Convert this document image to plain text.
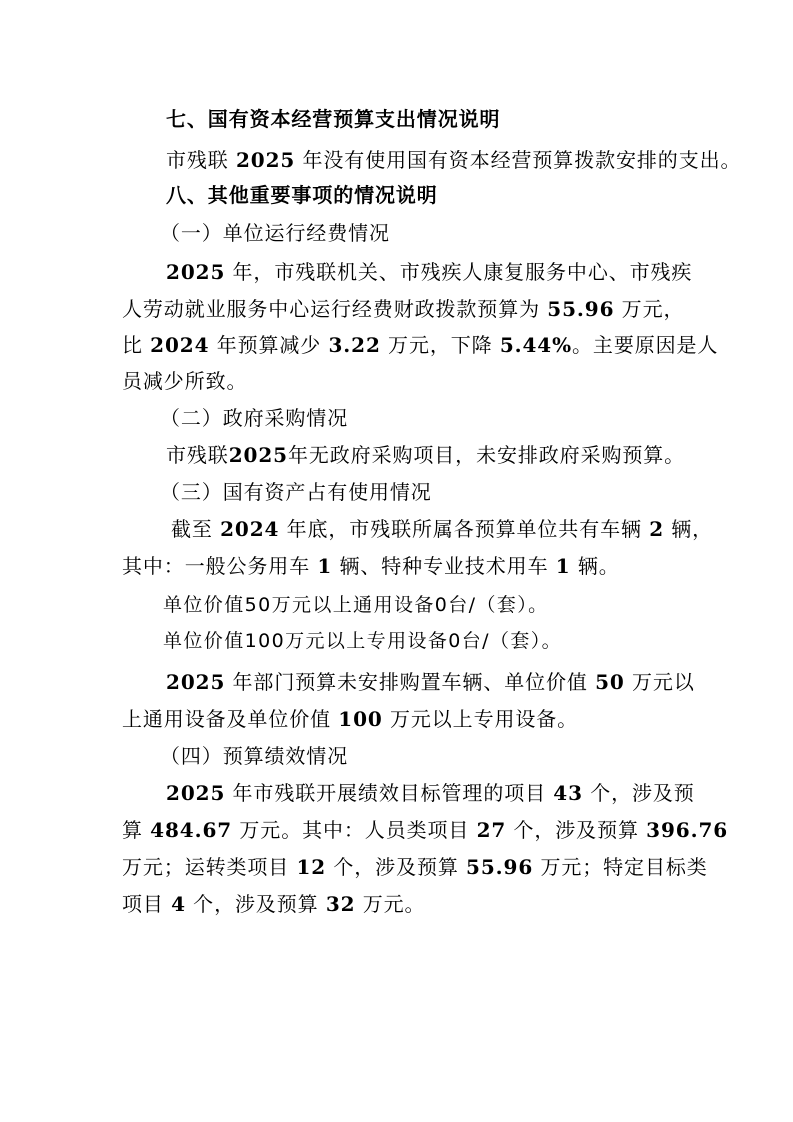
七、国有资本经营预算支出情况说明
市残联 2025 年没有使用国有资本经营预算拨款安排的支出。
八、其他重要事项的情况说明
（一）单位运行经费情况
2025 年，市残联机关、市残疾人康复服务中心、市残疾
人劳动就业服务中心运行经费财政拨款预算为 55.96 万元，
比 2024 年预算减少 3.22 万元，下降 5.44%。主要原因是人
员减少所致。
（二）政府采购情况
市残联2025年无政府采购项目，未安排政府采购预算。
（三）国有资产占有使用情况
截至 2024 年底，市残联所属各预算单位共有车辆 2 辆，
其中：一般公务用车 1 辆、特种专业技术用车 1 辆。
单位价值50万元以上通用设备0台/（套）。
单位价值100万元以上专用设备0台/（套）。
2025 年部门预算未安排购置车辆、单位价值 50 万元以
上通用设备及单位价值 100 万元以上专用设备。
（四）预算绩效情况
2025 年市残联开展绩效目标管理的项目 43 个，涉及预
算 484.67 万元。其中：人员类项目 27 个，涉及预算 396.76
万元；运转类项目 12 个，涉及预算 55.96 万元；特定目标类
项目 4 个，涉及预算 32 万元。
